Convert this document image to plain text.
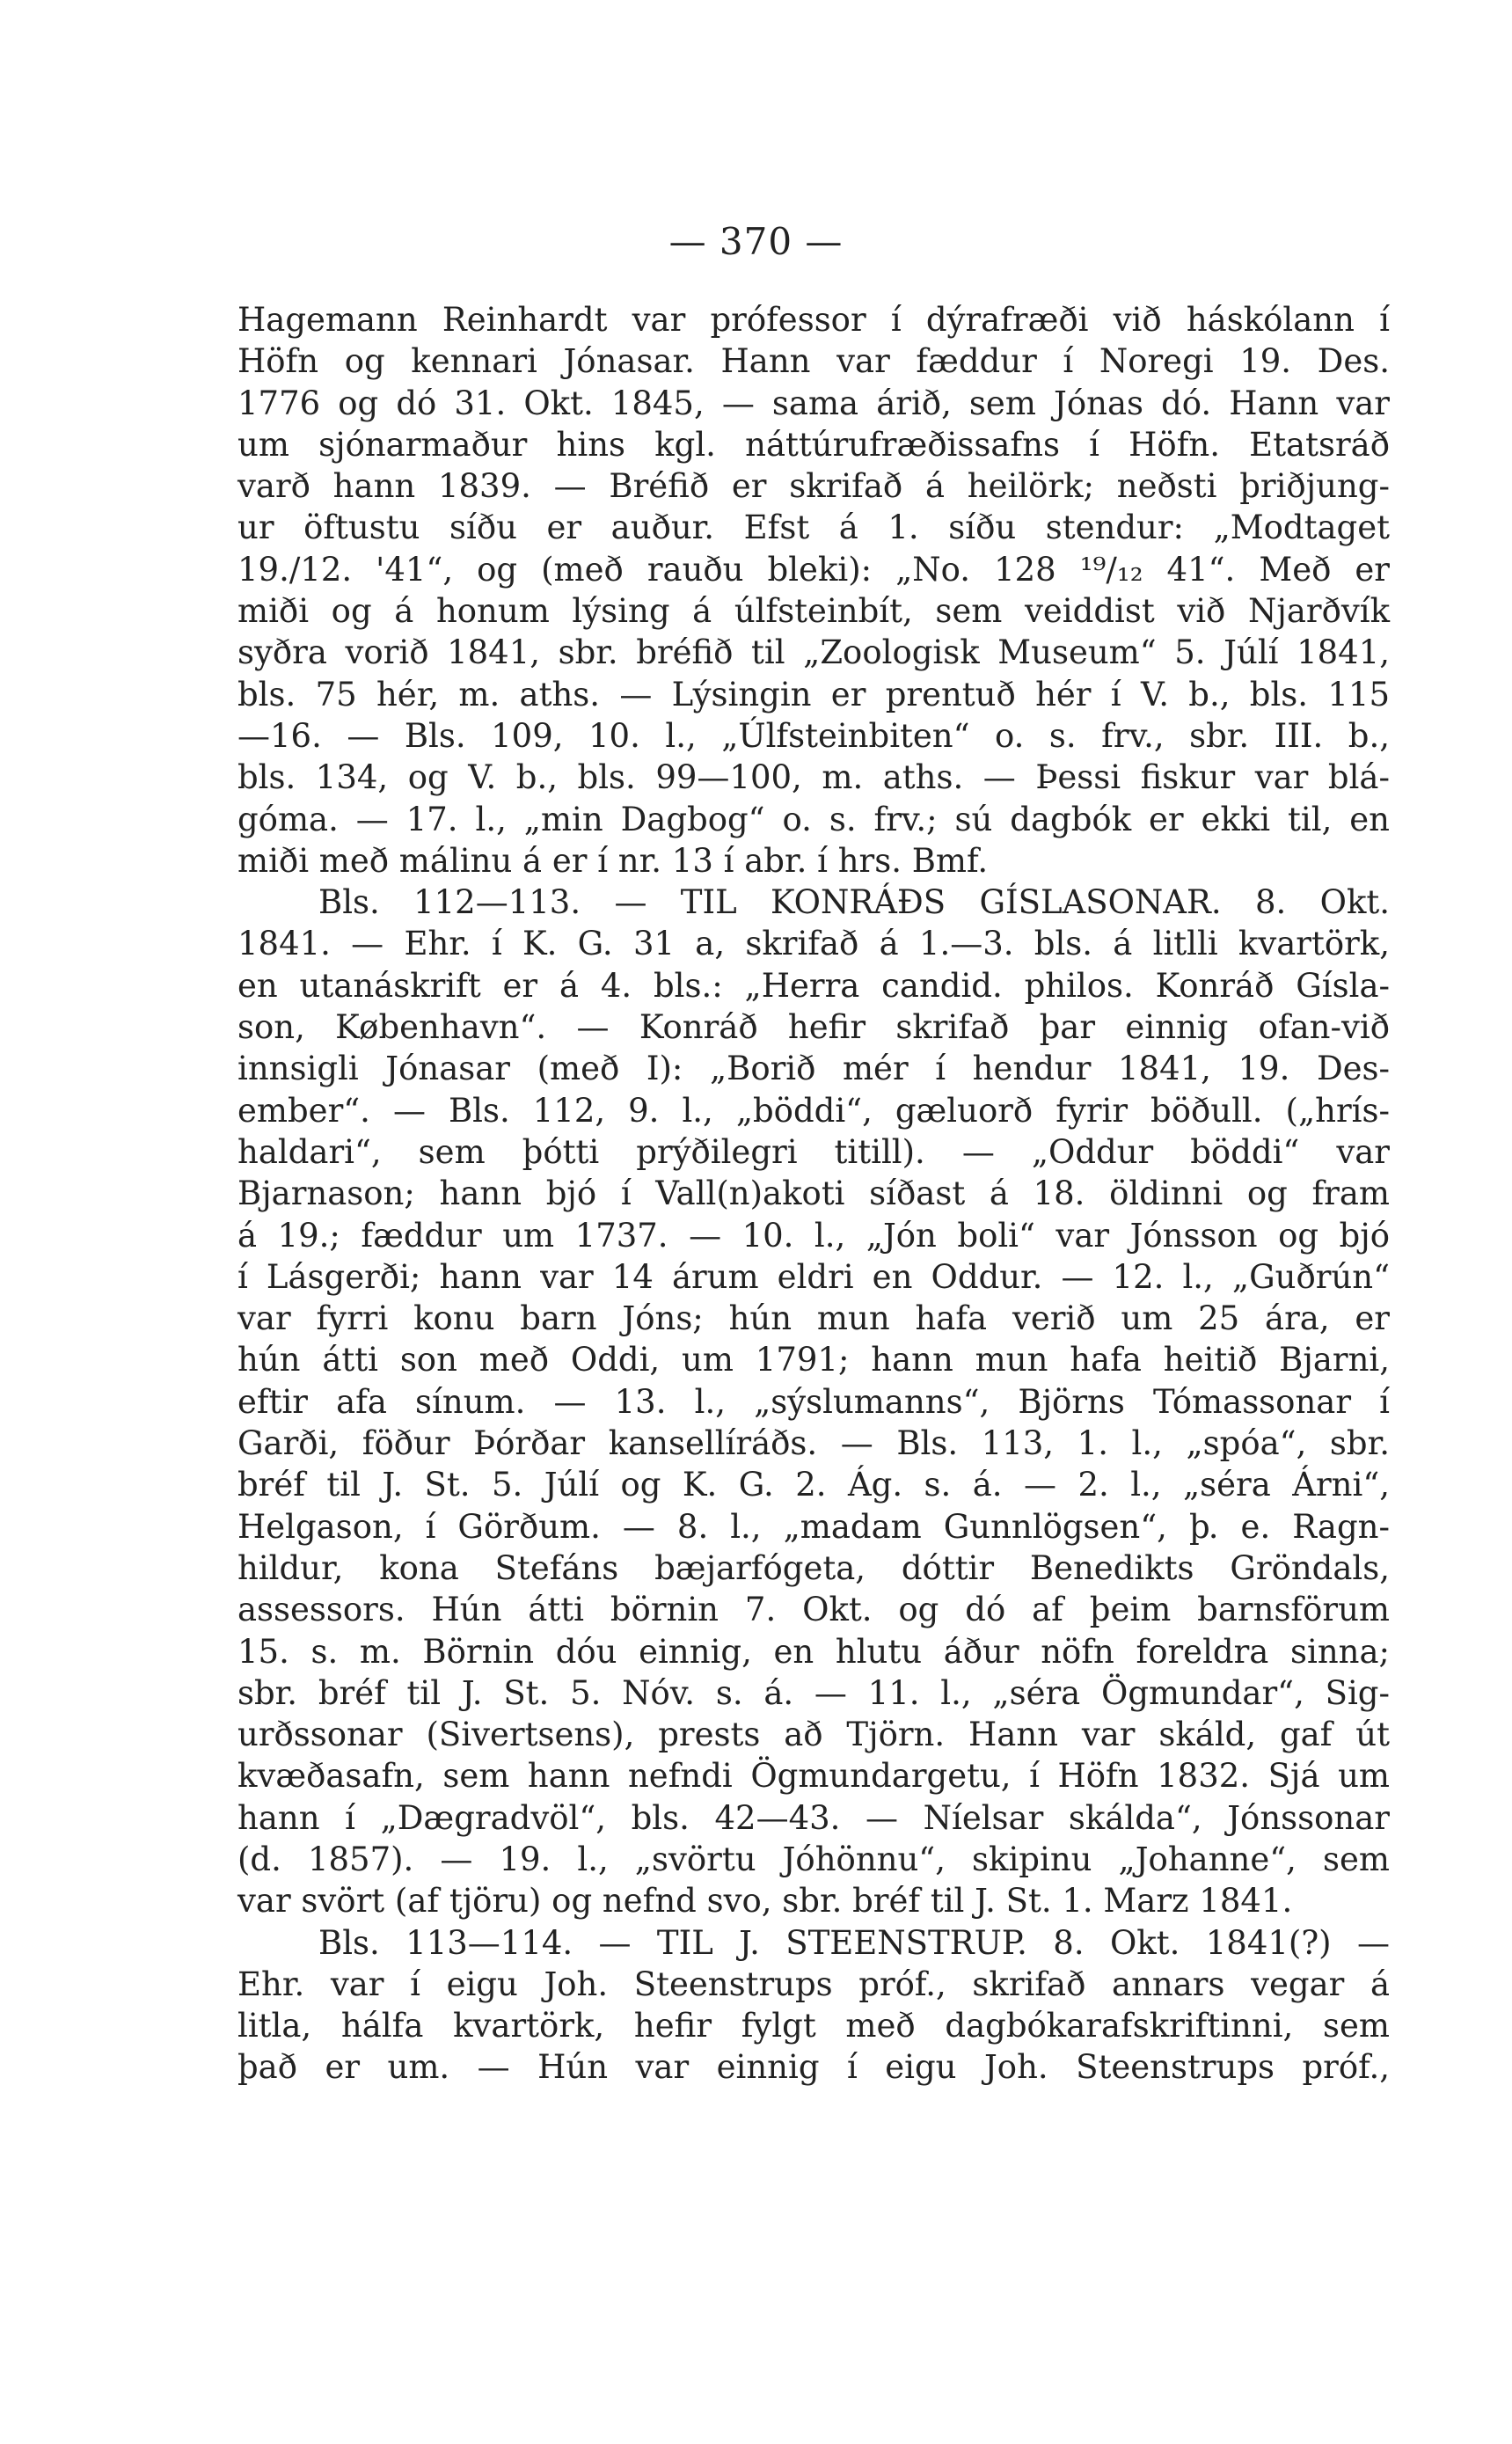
— 370 —
Hagemann Reinhardt var prófessor í dýrafræði við háskólann í
Höfn og kennari Jónasar. Hann var fæddur í Noregi 19. Des.
1776 og dó 31. Okt. 1845, — sama árið, sem Jónas dó. Hann var
um sjónarmaður hins kgl. náttúrufræðissafns í Höfn. Etatsráð
varð hann 1839. — Bréfið er skrifað á heilörk; neðsti þriðjung-
ur öftustu síðu er auður. Efst á 1. síðu stendur: „Modtaget
19./12. '41“, og (með rauðu bleki): „No. 128 ¹⁹/₁₂ 41“. Með er
miði og á honum lýsing á úlfsteinbít, sem veiddist við Njarðvík
syðra vorið 1841, sbr. bréfið til „Zoologisk Museum“ 5. Júlí 1841,
bls. 75 hér, m. aths. — Lýsingin er prentuð hér í V. b., bls. 115
—16. — Bls. 109, 10. l., „Úlfsteinbiten“ o. s. frv., sbr. III. b.,
bls. 134, og V. b., bls. 99—100, m. aths. — Þessi fiskur var blá-
góma. — 17. l., „min Dagbog“ o. s. frv.; sú dagbók er ekki til, en
miði með málinu á er í nr. 13 í abr. í hrs. Bmf.
Bls. 112—113. — TIL KONRÁÐS GÍSLASONAR. 8. Okt.
1841. — Ehr. í K. G. 31 a, skrifað á 1.—3. bls. á litlli kvartörk,
en utanáskrift er á 4. bls.: „Herra candid. philos. Konráð Gísla-
son, København“. — Konráð hefir skrifað þar einnig ofan-við
innsigli Jónasar (með I): „Borið mér í hendur 1841, 19. Des-
ember“. — Bls. 112, 9. l., „böddi“, gæluorð fyrir böðull. („hrís-
haldari“, sem þótti prýðilegri titill). — „Oddur böddi“ var
Bjarnason; hann bjó í Vall(n)akoti síðast á 18. öldinni og fram
á 19.; fæddur um 1737. — 10. l., „Jón boli“ var Jónsson og bjó
í Lásgerði; hann var 14 árum eldri en Oddur. — 12. l., „Guðrún“
var fyrri konu barn Jóns; hún mun hafa verið um 25 ára, er
hún átti son með Oddi, um 1791; hann mun hafa heitið Bjarni,
eftir afa sínum. — 13. l., „sýslumanns“, Björns Tómassonar í
Garði, föður Þórðar kansellíráðs. — Bls. 113, 1. l., „spóa“, sbr.
bréf til J. St. 5. Júlí og K. G. 2. Ág. s. á. — 2. l., „séra Árni“,
Helgason, í Görðum. — 8. l., „madam Gunnlögsen“, þ. e. Ragn-
hildur, kona Stefáns bæjarfógeta, dóttir Benedikts Gröndals,
assessors. Hún átti börnin 7. Okt. og dó af þeim barnsförum
15. s. m. Börnin dóu einnig, en hlutu áður nöfn foreldra sinna;
sbr. bréf til J. St. 5. Nóv. s. á. — 11. l., „séra Ögmundar“, Sig-
urðssonar (Sivertsens), prests að Tjörn. Hann var skáld, gaf út
kvæðasafn, sem hann nefndi Ögmundargetu, í Höfn 1832. Sjá um
hann í „Dægradvöl“, bls. 42—43. — Níelsar skálda“, Jónssonar
(d. 1857). — 19. l., „svörtu Jóhönnu“, skipinu „Johanne“, sem
var svört (af tjöru) og nefnd svo, sbr. bréf til J. St. 1. Marz 1841.
Bls. 113—114. — TIL J. STEENSTRUP. 8. Okt. 1841(?) —
Ehr. var í eigu Joh. Steenstrups próf., skrifað annars vegar á
litla, hálfa kvartörk, hefir fylgt með dagbókarafskriftinni, sem
það er um. — Hún var einnig í eigu Joh. Steenstrups próf.,
